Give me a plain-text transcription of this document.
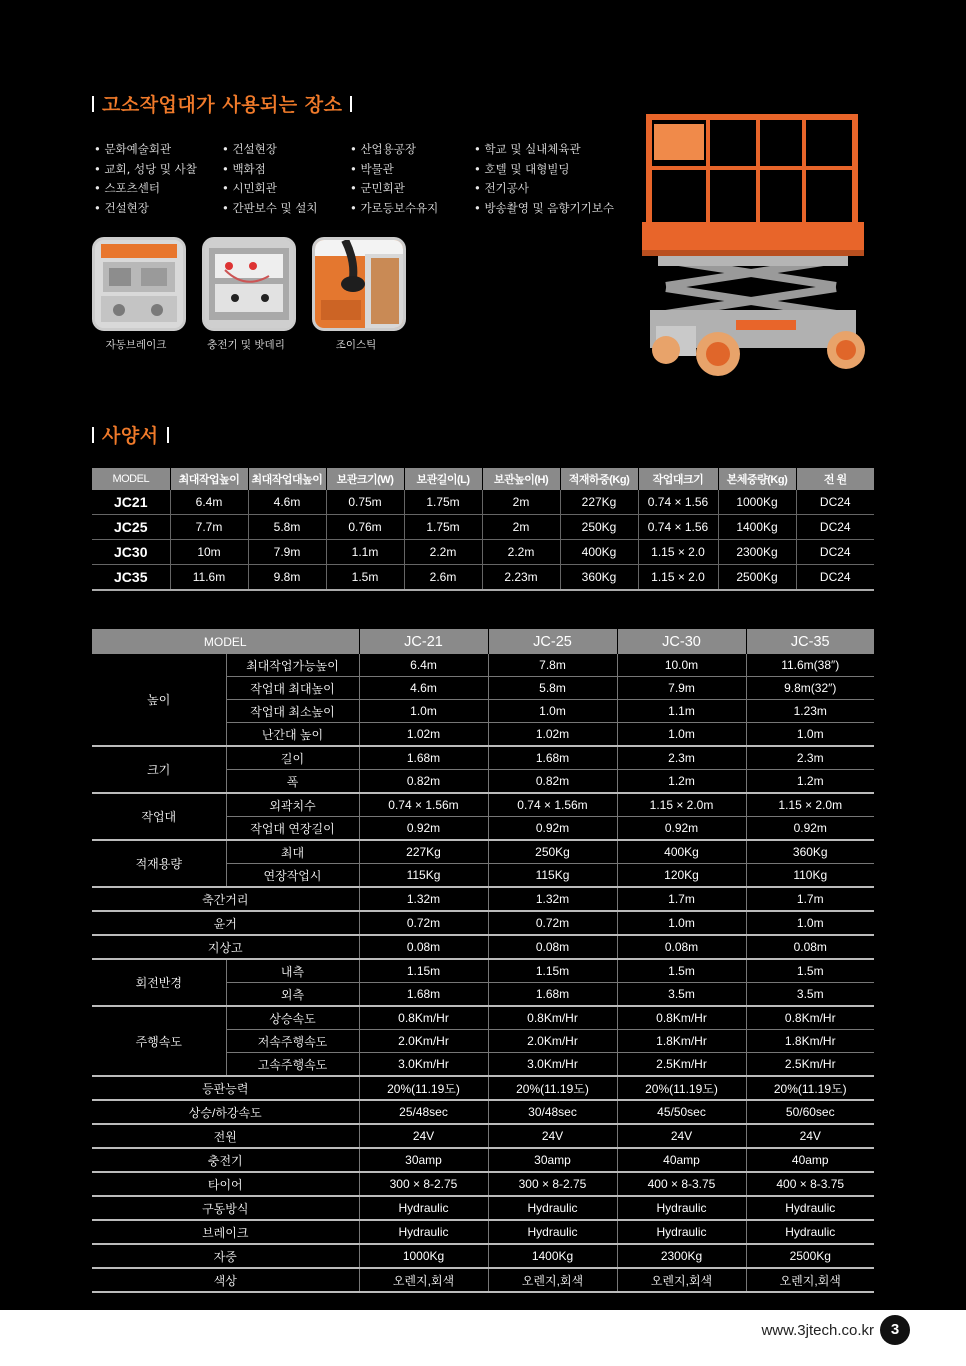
고소작업대가 사용되는 장소
• 문화예술회관
• 교회, 성당 및 사찰
• 스포츠센터
• 건설현장
• 건설현장
• 백화점
• 시민회관
• 간판보수 및 설치
• 산업용공장
• 박물관
• 군민회관
• 가로등보수유지
• 학교 및 실내체육관
• 호텔 및 대형빌딩
• 전기공사
• 방송촬영 및 음향기기보수
자동브레이크	충전기 및 밧데리	조이스틱
사양서
MODEL	최대작업높이	최대작업대높이	보관크기(W)	보관길이(L)	보관높이(H)	적재하중(Kg)	작업대크기	본체중량(Kg)	전 원
JC21	6.4m	4.6m	0.75m	1.75m	2m	227Kg	0.74 × 1.56	1000Kg	DC24
JC25	7.7m	5.8m	0.76m	1.75m	2m	250Kg	0.74 × 1.56	1400Kg	DC24
JC30	10m	7.9m	1.1m	2.2m	2.2m	400Kg	1.15 × 2.0	2300Kg	DC24
JC35	11.6m	9.8m	1.5m	2.6m	2.23m	360Kg	1.15 × 2.0	2500Kg	DC24
MODEL		JC-21	JC-25	JC-30	JC-35
높이	최대작업가능높이	6.4m	7.8m	10.0m	11.6m(38″)
	작업대 최대높이	4.6m	5.8m	7.9m	9.8m(32″)
	작업대 최소높이	1.0m	1.0m	1.1m	1.23m
	난간대 높이	1.02m	1.02m	1.0m	1.0m
크기	길이	1.68m	1.68m	2.3m	2.3m
	폭	0.82m	0.82m	1.2m	1.2m
작업대	외곽치수	0.74 × 1.56m	0.74 × 1.56m	1.15 × 2.0m	1.15 × 2.0m
	작업대 연장길이	0.92m	0.92m	0.92m	0.92m
적재용량	최대	227Kg	250Kg	400Kg	360Kg
	연장작업시	115Kg	115Kg	120Kg	110Kg
축간거리		1.32m	1.32m	1.7m	1.7m
윤거		0.72m	0.72m	1.0m	1.0m
지상고		0.08m	0.08m	0.08m	0.08m
회전반경	내측	1.15m	1.15m	1.5m	1.5m
	외측	1.68m	1.68m	3.5m	3.5m
주행속도	상승속도	0.8Km/Hr	0.8Km/Hr	0.8Km/Hr	0.8Km/Hr
	저속주행속도	2.0Km/Hr	2.0Km/Hr	1.8Km/Hr	1.8Km/Hr
	고속주행속도	3.0Km/Hr	3.0Km/Hr	2.5Km/Hr	2.5Km/Hr
등판능력		20%(11.19도)	20%(11.19도)	20%(11.19도)	20%(11.19도)
상승/하강속도		25/48sec	30/48sec	45/50sec	50/60sec
전원		24V	24V	24V	24V
충전기		30amp	30amp	40amp	40amp
타이어		300 × 8-2.75	300 × 8-2.75	400 × 8-3.75	400 × 8-3.75
구동방식		Hydraulic	Hydraulic	Hydraulic	Hydraulic
브레이크		Hydraulic	Hydraulic	Hydraulic	Hydraulic
자중		1000Kg	1400Kg	2300Kg	2500Kg
색상		오렌지,회색	오렌지,회색	오렌지,회색	오렌지,회색
www.3jtech.co.kr	3
